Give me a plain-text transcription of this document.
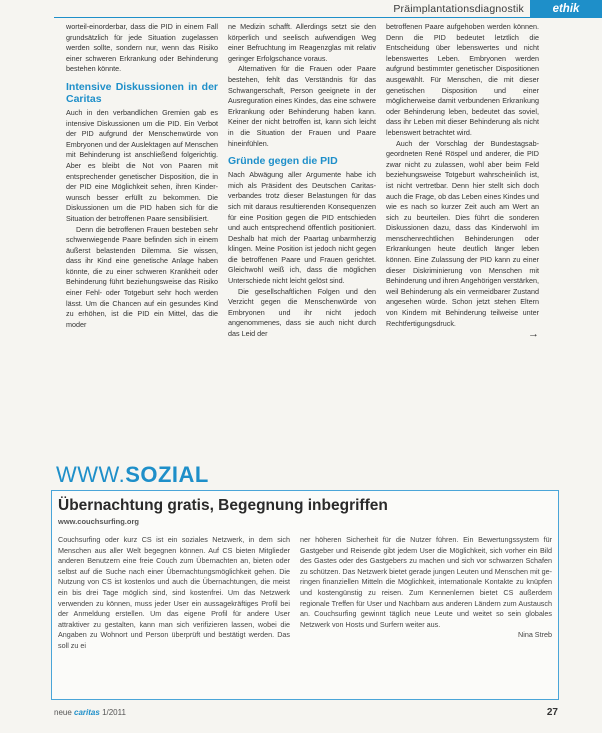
Präimplantationsdiagnostik	ethik

worteil-einorderbar, dass die PID in einem Fall grundsätzlich für jede Situation zugelassen werden sollte, sondern nur, wenn das Risiko einer schweren Erkrankung oder Behinderung bestehen könnte.

Intensive Diskussionen in der Caritas

Auch in den verbandlichen Gremien gab es intensive Diskussionen um die PID. Ein Verbot der PID aufgrund der Menschenwürde von Embryonen und der Auslektagen auf Menschen mit Behinderung ist anschließend folgerichtig. Aber es bleibt die Not von Paaren mit entsprechender genetischer Disposition, die in der PID eine Möglichkeit sehen, ihren Kinderwunsch besser erfüllt zu bekommen. Die Diskussionen um die PID haben sich für die Situation der betroffenen Paare sensibilisiert.

Denn die betroffenen Frauen besteben sehr schwerwiegende Paare befinden sich in einem äußerst belastenden Dilemma. Sie wissen, dass ihr Kind eine genetische Anlage haben könnte, die zu einer schweren Krankheit oder Behinderung führt beziehungsweise das Risiko einer Fehl- oder Totgeburt sehr hoch werden lässt. Um die Chancen auf ein gesundes Kind zu erhöhen, ist die PID ein Mittel, das die moder

ne Medizin schafft. Allerdings setzt sie den körperlich und seelisch aufwendigen Weg einer Befruchtung im Reagenzglas mit relativ geringer Erfolgschance voraus.

Alternativen für die Frauen oder Paare bestehen, fehlt das Verständnis für das Schwangerschaft, Person geeignete in der Ausreguration eines Kindes, das eine schwere Erkrankung oder Behinderung haben kann. Keiner der nicht betroffen ist, kann sich leicht in die Situation der Frauen und Paare hineinfühlen.

Gründe gegen die PID

Nach Abwägung aller Argumente habe ich mich als Präsident des Deutschen Caritasverbandes trotz dieser Belastungen für das sich mit daraus resultierenden Konsequenzen für eine Position gegen die PID entschieden und auch entsprechend öffentlich positioniert. Deshalb hat mich der Paartag unbarmherzig klingen. Meine Position ist jedoch nicht gegen die betroffenen Paare und Frauen gerichtet. Gleichwohl weiß ich, dass die möglichen Unterschiede nicht leicht gelöst sind.

Die gesellschaftlichen Folgen und den Verzicht gegen die Menschenwürde von Embryonen und ihr nicht jedoch angenommenes, dass sie auch nicht durch das Leid der

betroffenen Paare aufgehoben werden können. Denn die PID bedeutet letztlich die Entscheidung über lebenswertes und nicht lebenswertes Leben. Embryonen werden aufgrund bestimmter genetischer Dispositionen ausgewählt. Für Menschen, die mit dieser genetischen Disposition und einer möglicherweise damit verbundenen Erkrankung oder Behinderung leben, bedeutet das soviel, dass ihr Leben mit dieser Behinderung als nicht lebenswert betrachtet wird.

Auch der Vorschlag der Bundestagsabgeordneten René Röspel und anderer, die PID zwar nicht zu zulassen, wohl aber beim Feld beziehungsweise Totgeburt wahrscheinlich ist, ist nicht vertretbar. Denn hier stellt sich doch auch die Frage, ob das Leben eines Kindes und wie es nach so kurzer Zeit auch am Wert an sich zu beurteilen. Dies führt die sonderen Diskussionen dazu, dass das Kinderwohl im menschenrechtlichen Behinderungen oder Erkrankungen heute deutlich länger leben können. Eine Zulassung der PID kann zu einer dieser Diskriminierung von Menschen mit Behinderung und ihren Angehörigen verstärken, weil Behinderung als ein vermeidbarer Zustand angesehen würde. Schon jetzt stehen Eltern von Kindern mit Behinderung teilweise unter Rechtfertigungsdruck.

→
WWW.SOZIAL
Übernachtung gratis, Begegnung inbegriffen
www.couchsurfing.org

Couchsurfing oder kurz CS ist ein soziales Netzwerk, in dem sich Menschen aus aller Welt begegnen können. Auf CS bieten Mitglieder anderen Benutzern eine freie Couch zum Übernachten an, bieten oder selbst auf die Suche nach einer Übernachtungsmöglichkeit gehen. Die Nutzung von CS ist kostenlos und auch die Übernachtungen, die meist ein bis drei Tage möglich sind, sind kostenfrei. Um das Netzwerk verwenden zu können, muss jeder User ein aussagekräftiges Profil bei der Anmeldung erstellen. Um das eigene Profil für andere User attraktiver zu gestalten, kann man sich verifizieren lassen, wobei die Angaben zu Wohnort und Person überprüft und bestätigt werden. Das soll zu ei

ner höheren Sicherheit für die Nutzer führen. Ein Bewertungssystem für Gastgeber und Reisende gibt jedem User die Möglichkeit, sich vorher ein Bild des Gastes oder des Gastgebers zu machen und sich vor schwarzen Schafen zu schützen. Das Netzwerk bietet gerade jungen Leuten und Menschen mit geringen finanziellen Mitteln die Möglichkeit, internationale Kontakte zu knüpfen und kostengünstig zu reisen. Zum Kennenlernen bietet CS außerdem regionale Treffen für User und Nachbarn aus anderen Ländern zum Austausch an. Couchsurfing gewinnt täglich neue Leute und weitet so sein globales Netzwerk von Hosts und Surfern weiter aus.

Nina Streb

neue caritas 1/2011	27
